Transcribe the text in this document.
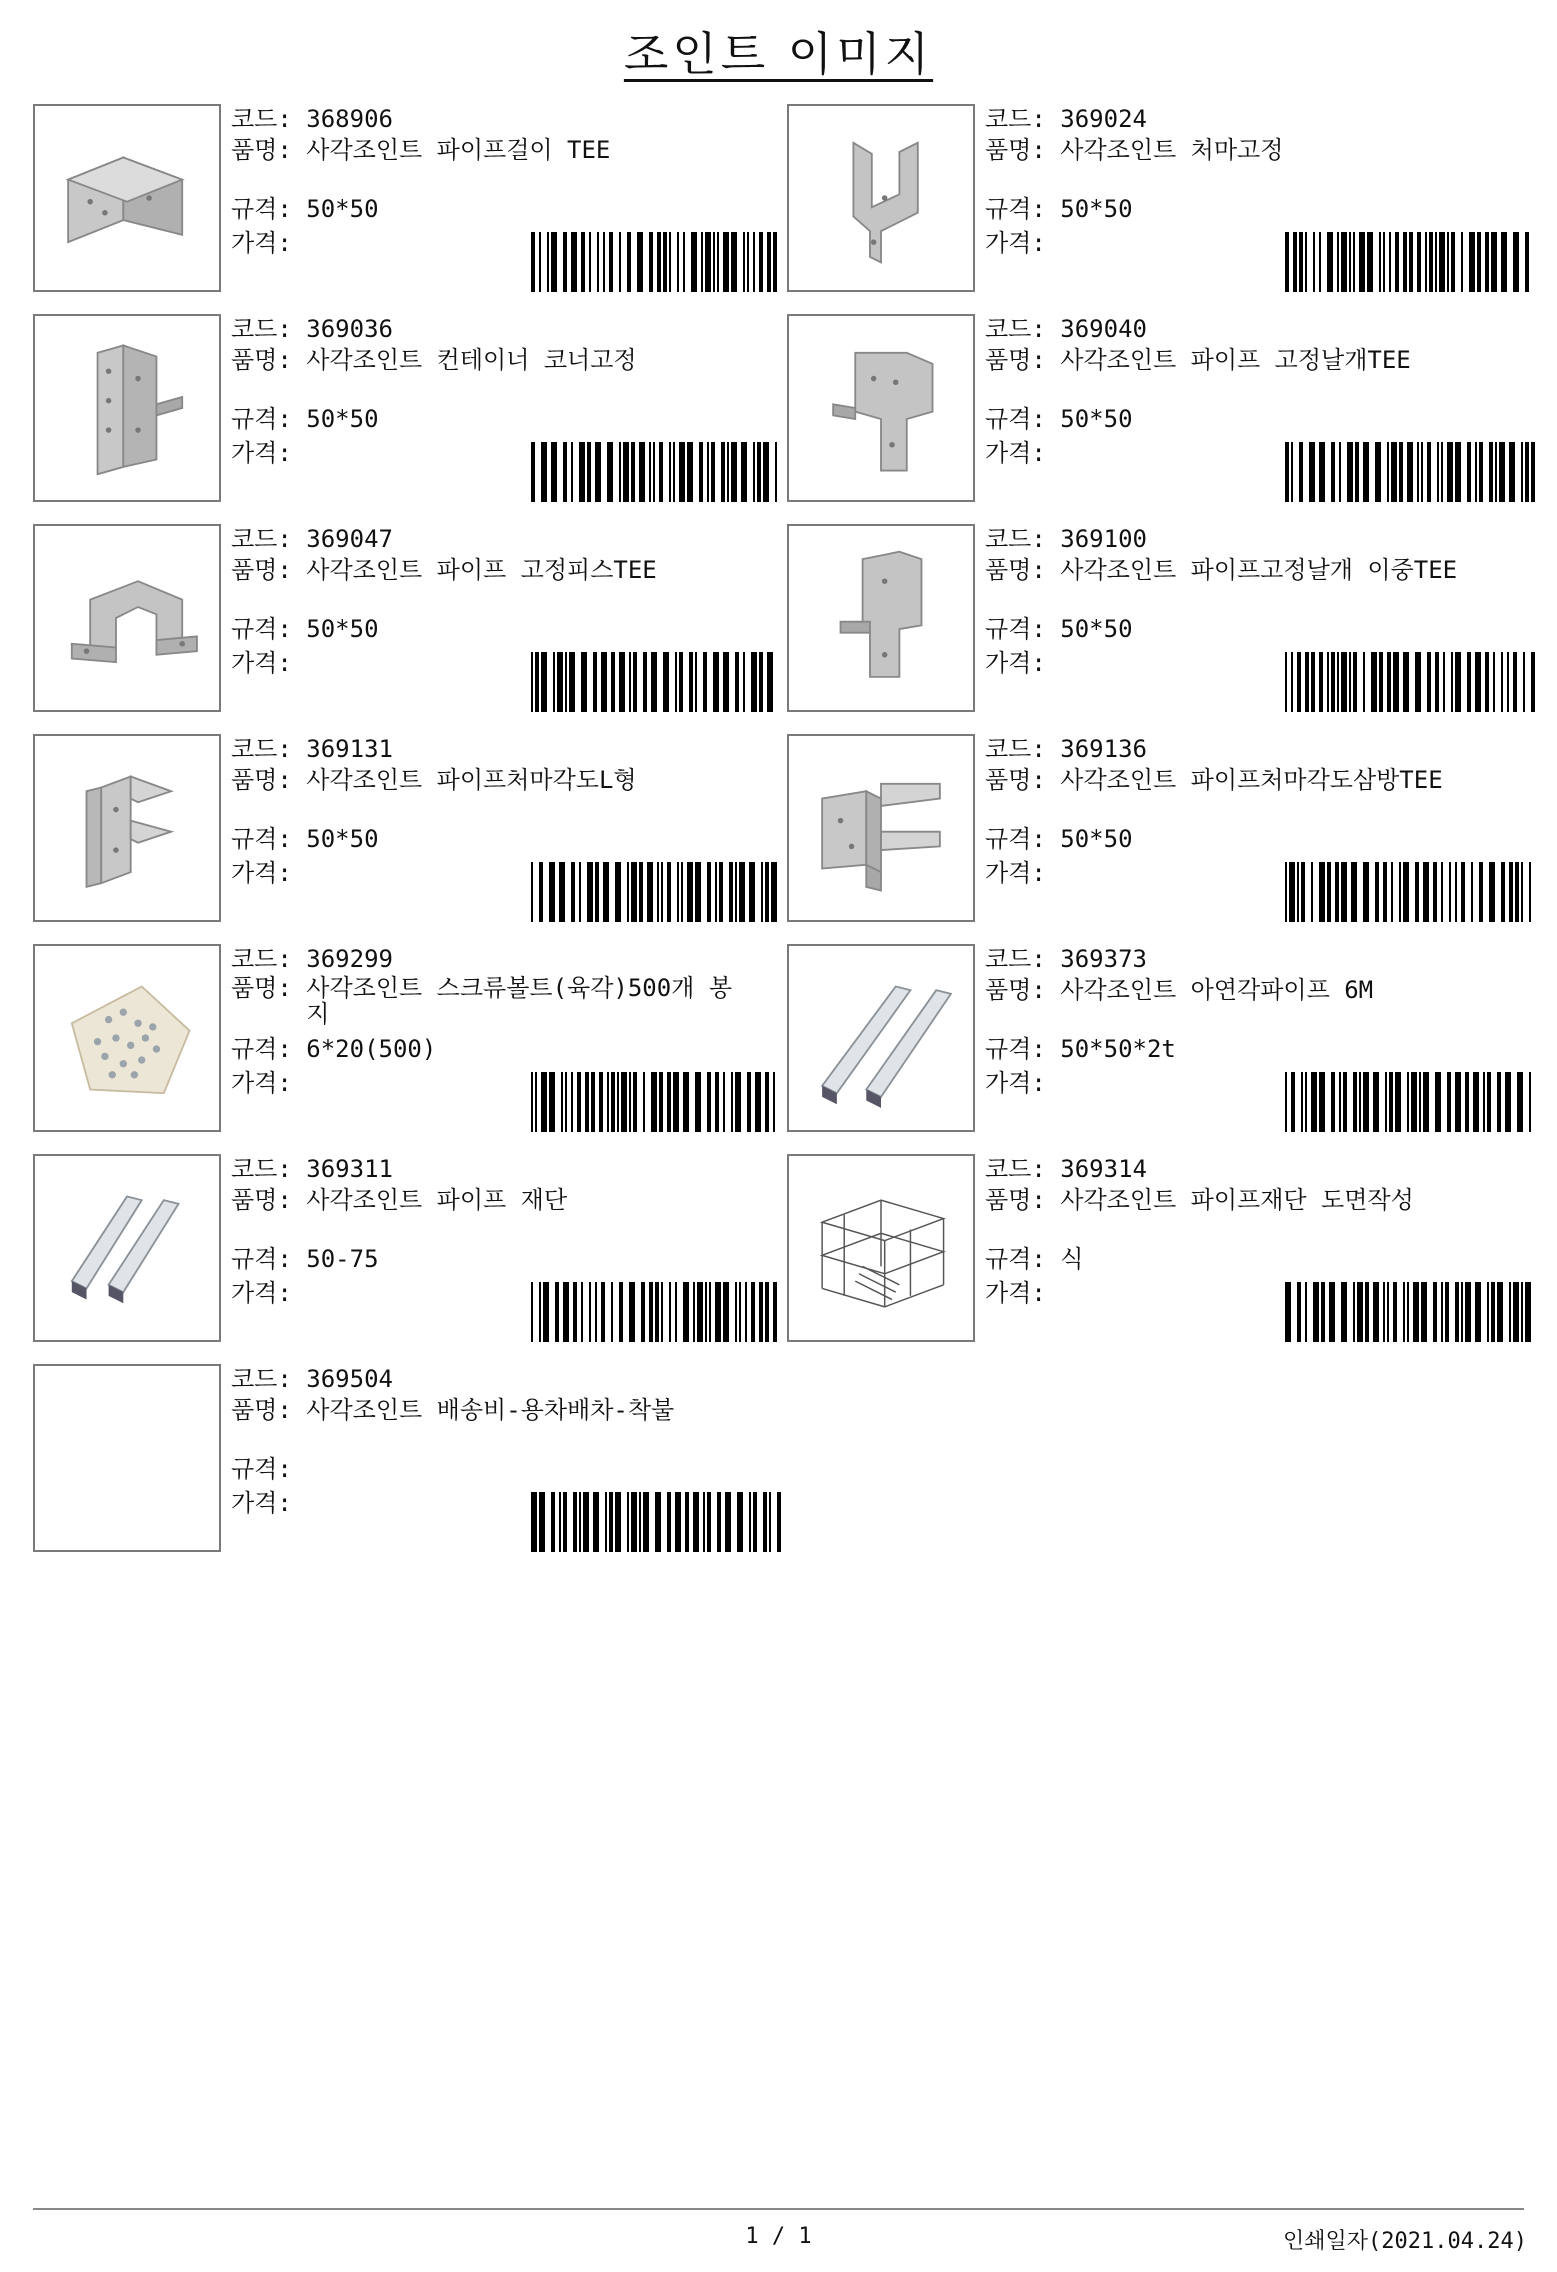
조인트 이미지
코드: 368906
품명: 사각조인트 파이프걸이 TEE
규격: 50*50
가격:
코드: 369024
품명: 사각조인트 처마고정
규격: 50*50
가격:
코드: 369036
품명: 사각조인트 컨테이너 코너고정
규격: 50*50
가격:
코드: 369040
품명: 사각조인트 파이프 고정날개TEE
규격: 50*50
가격:
코드: 369047
품명: 사각조인트 파이프 고정피스TEE
규격: 50*50
가격:
코드: 369100
품명: 사각조인트 파이프고정날개 이중TEE
규격: 50*50
가격:
코드: 369131
품명: 사각조인트 파이프처마각도L형
규격: 50*50
가격:
코드: 369136
품명: 사각조인트 파이프처마각도삼방TEE
규격: 50*50
가격:
코드: 369299
품명:
사각조인트 스크류볼트(육각)500개 봉지
규격: 6*20(500)
가격:
코드: 369373
품명: 사각조인트 아연각파이프 6M
규격: 50*50*2t
가격:
코드: 369311
품명: 사각조인트 파이프 재단
규격: 50-75
가격:
코드: 369314
품명: 사각조인트 파이프재단 도면작성
규격: 식
가격:
코드: 369504
품명: 사각조인트 배송비-용차배차-착불
규격:
가격:
1 / 1	인쇄일자(2021.04.24)
